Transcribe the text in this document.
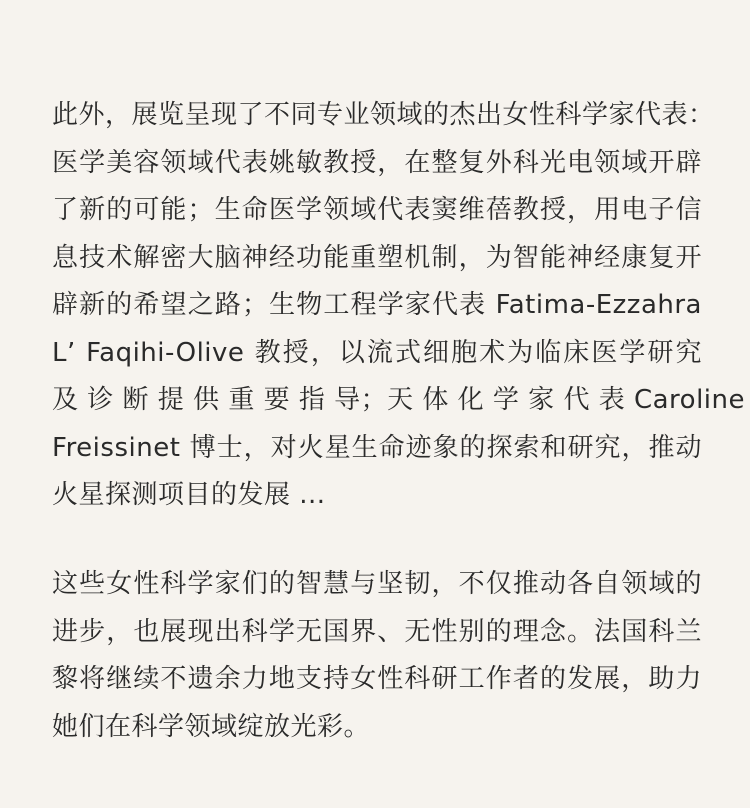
此外，展览呈现了不同专业领域的杰出女性科学家代表：
医学美容领域代表姚敏教授，在整复外科光电领域开辟
了新的可能；生命医学领域代表窦维蓓教授，用电子信
息技术解密大脑神经功能重塑机制，为智能神经康复开
辟新的希望之路；生物工程学家代表 Fatima-Ezzahra
L’ Faqihi-Olive 教授，以流式细胞术为临床医学研究
及 诊 断 提 供 重 要 指 导；天 体 化 学 家 代 表 Caroline
Freissinet 博士，对火星生命迹象的探索和研究，推动
火星探测项目的发展 ...
这些女性科学家们的智慧与坚韧，不仅推动各自领域的
进步，也展现出科学无国界、无性别的理念。法国科兰
黎将继续不遗余力地支持女性科研工作者的发展，助力
她们在科学领域绽放光彩。
